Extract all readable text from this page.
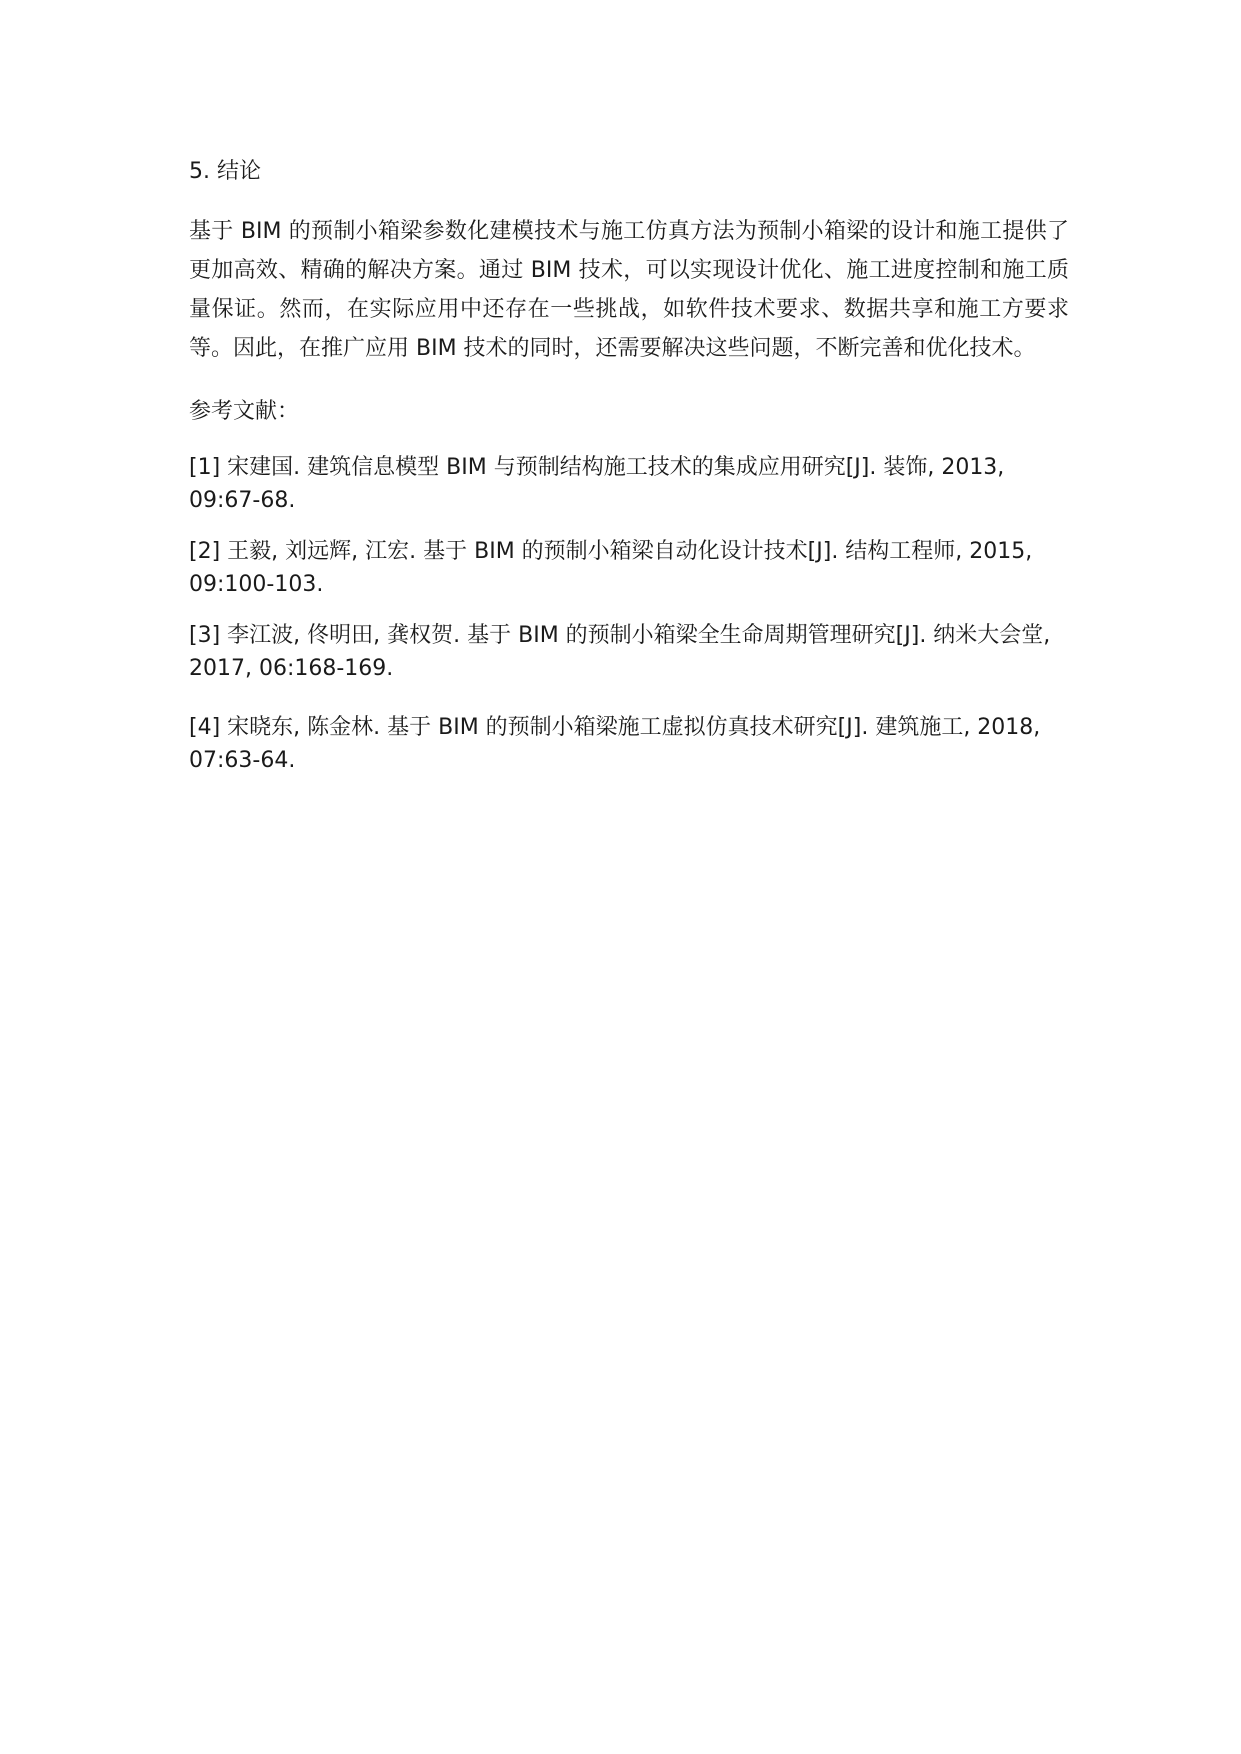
5. 结论

基于 BIM 的预制小箱梁参数化建模技术与施工仿真方法为预制小箱梁的设计和施工提供了更加高效、精确的解决方案。通过 BIM 技术，可以实现设计优化、施工进度控制和施工质量保证。然而，在实际应用中还存在一些挑战，如软件技术要求、数据共享和施工方要求等。因此，在推广应用 BIM 技术的同时，还需要解决这些问题，不断完善和优化技术。

参考文献：

[1] 宋建国. 建筑信息模型 BIM 与预制结构施工技术的集成应用研究[J]. 装饰, 2013, 09:67-68.
[2] 王毅, 刘远辉, 江宏. 基于 BIM 的预制小箱梁自动化设计技术[J]. 结构工程师, 2015, 09:100-103.
[3] 李江波, 佟明田, 龚权贺. 基于 BIM 的预制小箱梁全生命周期管理研究[J]. 纳米大会堂, 2017, 06:168-169.
[4] 宋晓东, 陈金林. 基于 BIM 的预制小箱梁施工虚拟仿真技术研究[J]. 建筑施工, 2018, 07:63-64.
